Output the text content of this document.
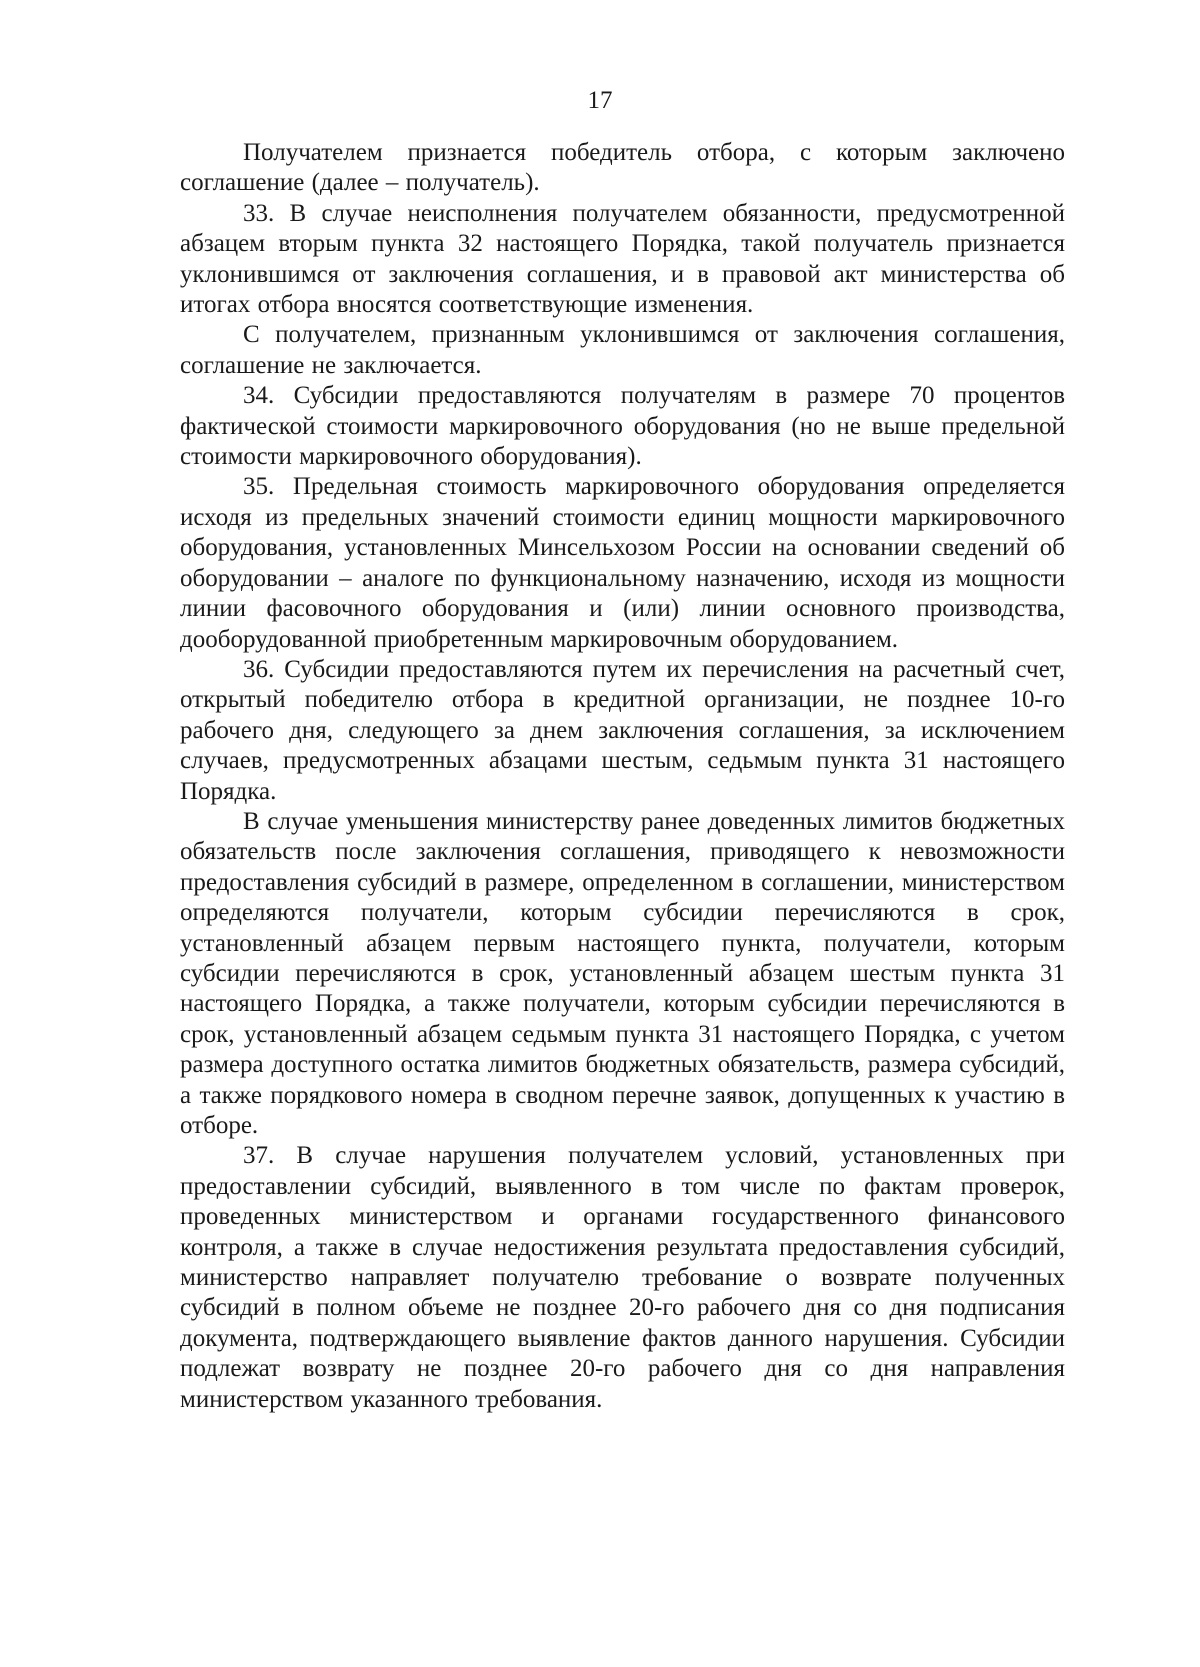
17

Получателем признается победитель отбора, с которым заключено соглашение (далее – получатель).

33. В случае неисполнения получателем обязанности, предусмотренной абзацем вторым пункта 32 настоящего Порядка, такой получатель признается уклонившимся от заключения соглашения, и в правовой акт министерства об итогах отбора вносятся соответствующие изменения.

С получателем, признанным уклонившимся от заключения соглашения, соглашение не заключается.

34. Субсидии предоставляются получателям в размере 70 процентов фактической стоимости маркировочного оборудования (но не выше предельной стоимости маркировочного оборудования).

35. Предельная стоимость маркировочного оборудования определяется исходя из предельных значений стоимости единиц мощности маркировочного оборудования, установленных Минсельхозом России на основании сведений об оборудовании – аналоге по функциональному назначению, исходя из мощности линии фасовочного оборудования и (или) линии основного производства, дооборудованной приобретенным маркировочным оборудованием.

36. Субсидии предоставляются путем их перечисления на расчетный счет, открытый победителю отбора в кредитной организации, не позднее 10-го рабочего дня, следующего за днем заключения соглашения, за исключением случаев, предусмотренных абзацами шестым, седьмым пункта 31 настоящего Порядка.

В случае уменьшения министерству ранее доведенных лимитов бюджетных обязательств после заключения соглашения, приводящего к невозможности предоставления субсидий в размере, определенном в соглашении, министерством определяются получатели, которым субсидии перечисляются в срок, установленный абзацем первым настоящего пункта, получатели, которым субсидии перечисляются в срок, установленный абзацем шестым пункта 31 настоящего Порядка, а также получатели, которым субсидии перечисляются в срок, установленный абзацем седьмым пункта 31 настоящего Порядка, с учетом размера доступного остатка лимитов бюджетных обязательств, размера субсидий, а также порядкового номера в сводном перечне заявок, допущенных к участию в отборе.

37. В случае нарушения получателем условий, установленных при предоставлении субсидий, выявленного в том числе по фактам проверок, проведенных министерством и органами государственного финансового контроля, а также в случае недостижения результата предоставления субсидий, министерство направляет получателю требование о возврате полученных субсидий в полном объеме не позднее 20-го рабочего дня со дня подписания документа, подтверждающего выявление фактов данного нарушения. Субсидии подлежат возврату не позднее 20-го рабочего дня со дня направления министерством указанного требования.
